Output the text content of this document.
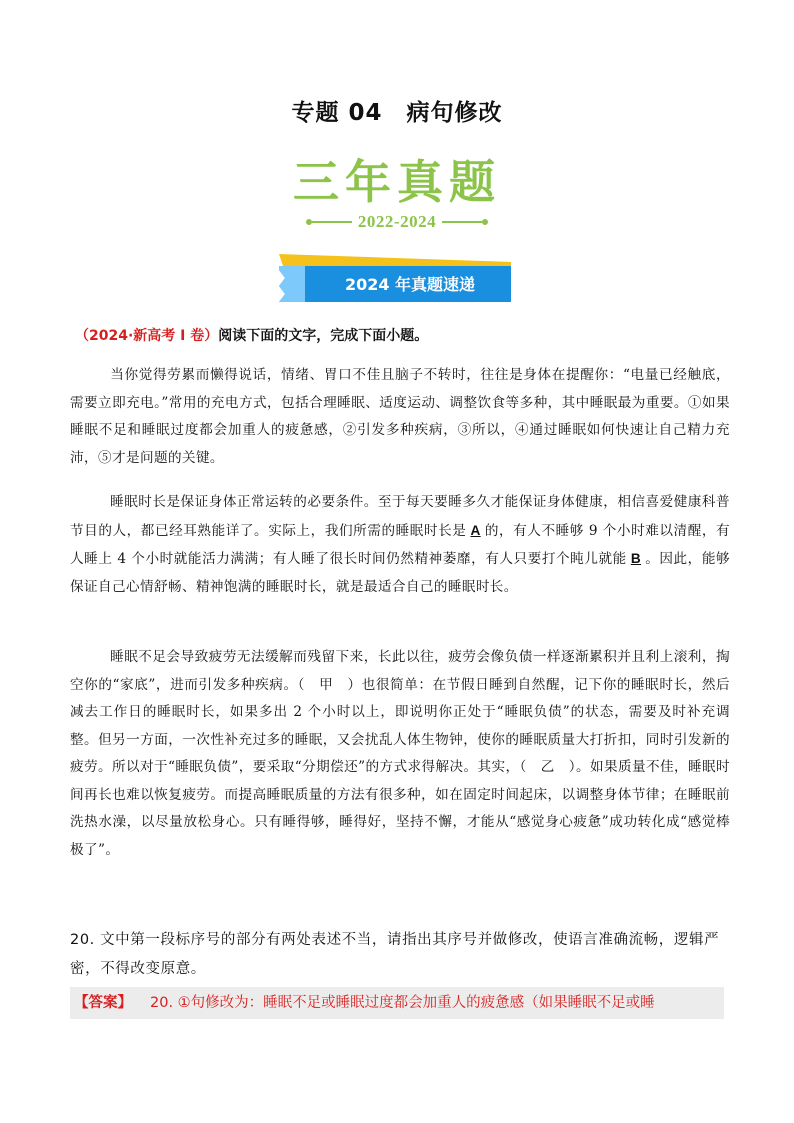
专题 04　病句修改
三年真题
2022-2024
2024 年真题速递
（2024·新高考 I 卷）阅读下面的文字，完成下面小题。
当你觉得劳累而懒得说话，情绪、胃口不佳且脑子不转时，往往是身体在提醒你：“电量已经触底，需要立即充电。”常用的充电方式，包括合理睡眠、适度运动、调整饮食等多种，其中睡眠最为重要。①如果睡眠不足和睡眠过度都会加重人的疲惫感，②引发多种疾病，③所以，④通过睡眠如何快速让自己精力充沛，⑤才是问题的关键。
睡眠时长是保证身体正常运转的必要条件。至于每天要睡多久才能保证身体健康，相信喜爱健康科普节目的人，都已经耳熟能详了。实际上，我们所需的睡眠时长是 A 的，有人不睡够 9 个小时难以清醒，有人睡上 4 个小时就能活力满满；有人睡了很长时间仍然精神萎靡，有人只要打个盹儿就能 B 。因此，能够保证自己心情舒畅、精神饱满的睡眠时长，就是最适合自己的睡眠时长。
睡眠不足会导致疲劳无法缓解而残留下来，长此以往，疲劳会像负债一样逐渐累积并且利上滚利，掏空你的“家底”，进而引发多种疾病。（　甲　）也很简单：在节假日睡到自然醒，记下你的睡眠时长，然后减去工作日的睡眠时长，如果多出 2 个小时以上，即说明你正处于“睡眠负债”的状态，需要及时补充调整。但另一方面，一次性补充过多的睡眠，又会扰乱人体生物钟，使你的睡眠质量大打折扣，同时引发新的疲劳。所以对于“睡眠负债”，要采取“分期偿还”的方式求得解决。其实，（　乙　）。如果质量不佳，睡眠时间再长也难以恢复疲劳。而提高睡眠质量的方法有很多种，如在固定时间起床，以调整身体节律；在睡眠前洗热水澡，以尽量放松身心。只有睡得够，睡得好，坚持不懈，才能从“感觉身心疲惫”成功转化成“感觉棒极了”。
20. 文中第一段标序号的部分有两处表述不当，请指出其序号并做修改，使语言准确流畅，逻辑严密，不得改变原意。
【答案】 20. ①句修改为：睡眠不足或睡眠过度都会加重人的疲惫感（如果睡眠不足或睡
